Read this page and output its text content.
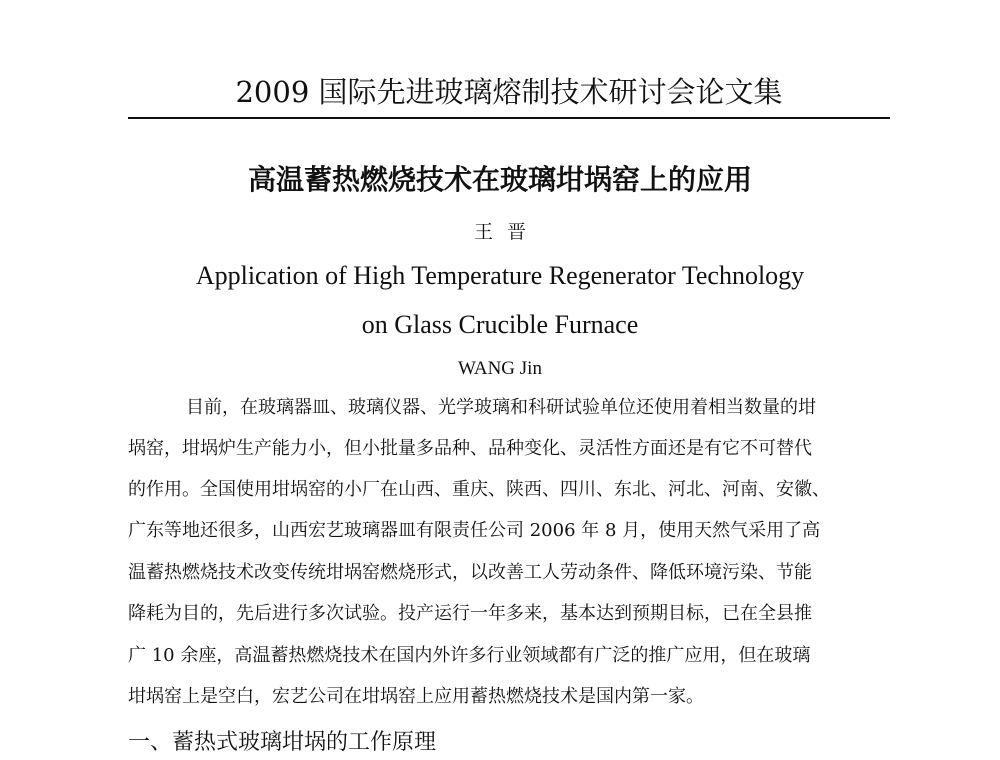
2009 国际先进玻璃熔制技术研讨会论文集
高温蓄热燃烧技术在玻璃坩埚窑上的应用
王晋
Application of High Temperature Regenerator Technology
on Glass Crucible Furnace
WANG Jin
目前，在玻璃器皿、玻璃仪器、光学玻璃和科研试验单位还使用着相当数量的坩
埚窑，坩埚炉生产能力小，但小批量多品种、品种变化、灵活性方面还是有它不可替代
的作用。全国使用坩埚窑的小厂在山西、重庆、陕西、四川、东北、河北、河南、安徽、
广东等地还很多，山西宏艺玻璃器皿有限责任公司 2006 年 8 月，使用天然气采用了高
温蓄热燃烧技术改变传统坩埚窑燃烧形式，以改善工人劳动条件、降低环境污染、节能
降耗为目的，先后进行多次试验。投产运行一年多来，基本达到预期目标，已在全县推
广 10 余座，高温蓄热燃烧技术在国内外许多行业领域都有广泛的推广应用，但在玻璃
坩埚窑上是空白，宏艺公司在坩埚窑上应用蓄热燃烧技术是国内第一家。
一、蓄热式玻璃坩埚的工作原理
